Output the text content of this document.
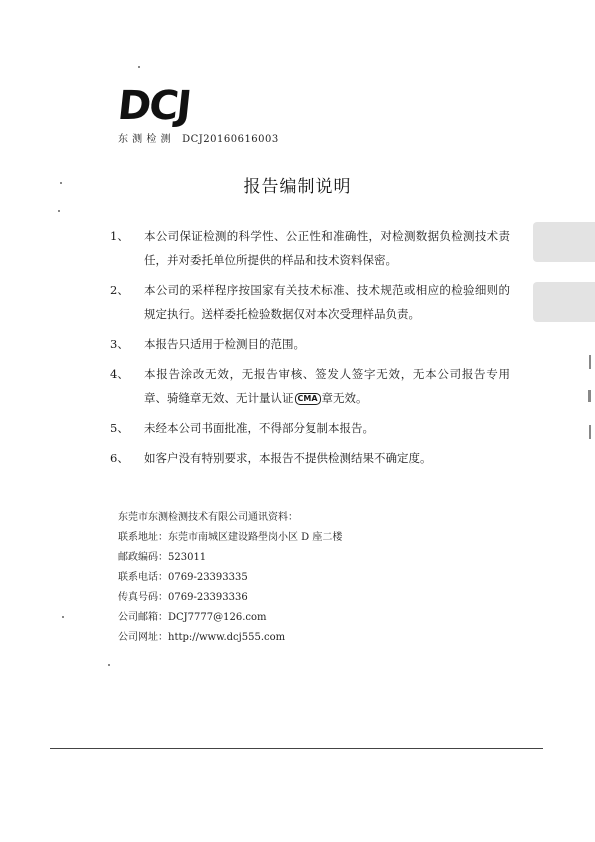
DCJ
东 测 检 测 DCJ20160616003
报告编制说明
1、	本公司保证检测的科学性、公正性和准确性，对检测数据负检测技术责任，并对委托单位所提供的样品和技术资料保密。
2、	本公司的采样程序按国家有关技术标准、技术规范或相应的检验细则的规定执行。送样委托检验数据仅对本次受理样品负责。
3、	本报告只适用于检测目的范围。
4、	本报告涂改无效，无报告审核、签发人签字无效，无本公司报告专用章、骑缝章无效、无计量认证 CMA 章无效。
5、	未经本公司书面批准，不得部分复制本报告。
6、	如客户没有特别要求，本报告不提供检测结果不确定度。
东莞市东测检测技术有限公司通讯资料：
联系地址：东莞市南城区建设路壆岗小区 D 座二楼
邮政编码：523011
联系电话：0769-23393335
传真号码：0769-23393336
公司邮箱：DCJ7777@126.com
公司网址：http://www.dcj555.com
